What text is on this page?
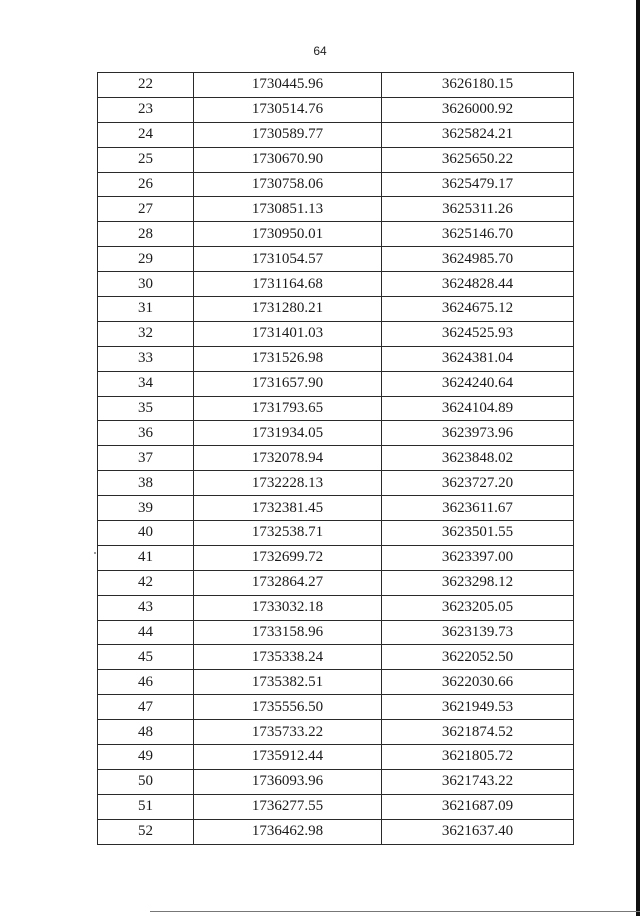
64
22	1730445.96	3626180.15
23	1730514.76	3626000.92
24	1730589.77	3625824.21
25	1730670.90	3625650.22
26	1730758.06	3625479.17
27	1730851.13	3625311.26
28	1730950.01	3625146.70
29	1731054.57	3624985.70
30	1731164.68	3624828.44
31	1731280.21	3624675.12
32	1731401.03	3624525.93
33	1731526.98	3624381.04
34	1731657.90	3624240.64
35	1731793.65	3624104.89
36	1731934.05	3623973.96
37	1732078.94	3623848.02
38	1732228.13	3623727.20
39	1732381.45	3623611.67
40	1732538.71	3623501.55
41	1732699.72	3623397.00
42	1732864.27	3623298.12
43	1733032.18	3623205.05
44	1733158.96	3623139.73
45	1735338.24	3622052.50
46	1735382.51	3622030.66
47	1735556.50	3621949.53
48	1735733.22	3621874.52
49	1735912.44	3621805.72
50	1736093.96	3621743.22
51	1736277.55	3621687.09
52	1736462.98	3621637.40
